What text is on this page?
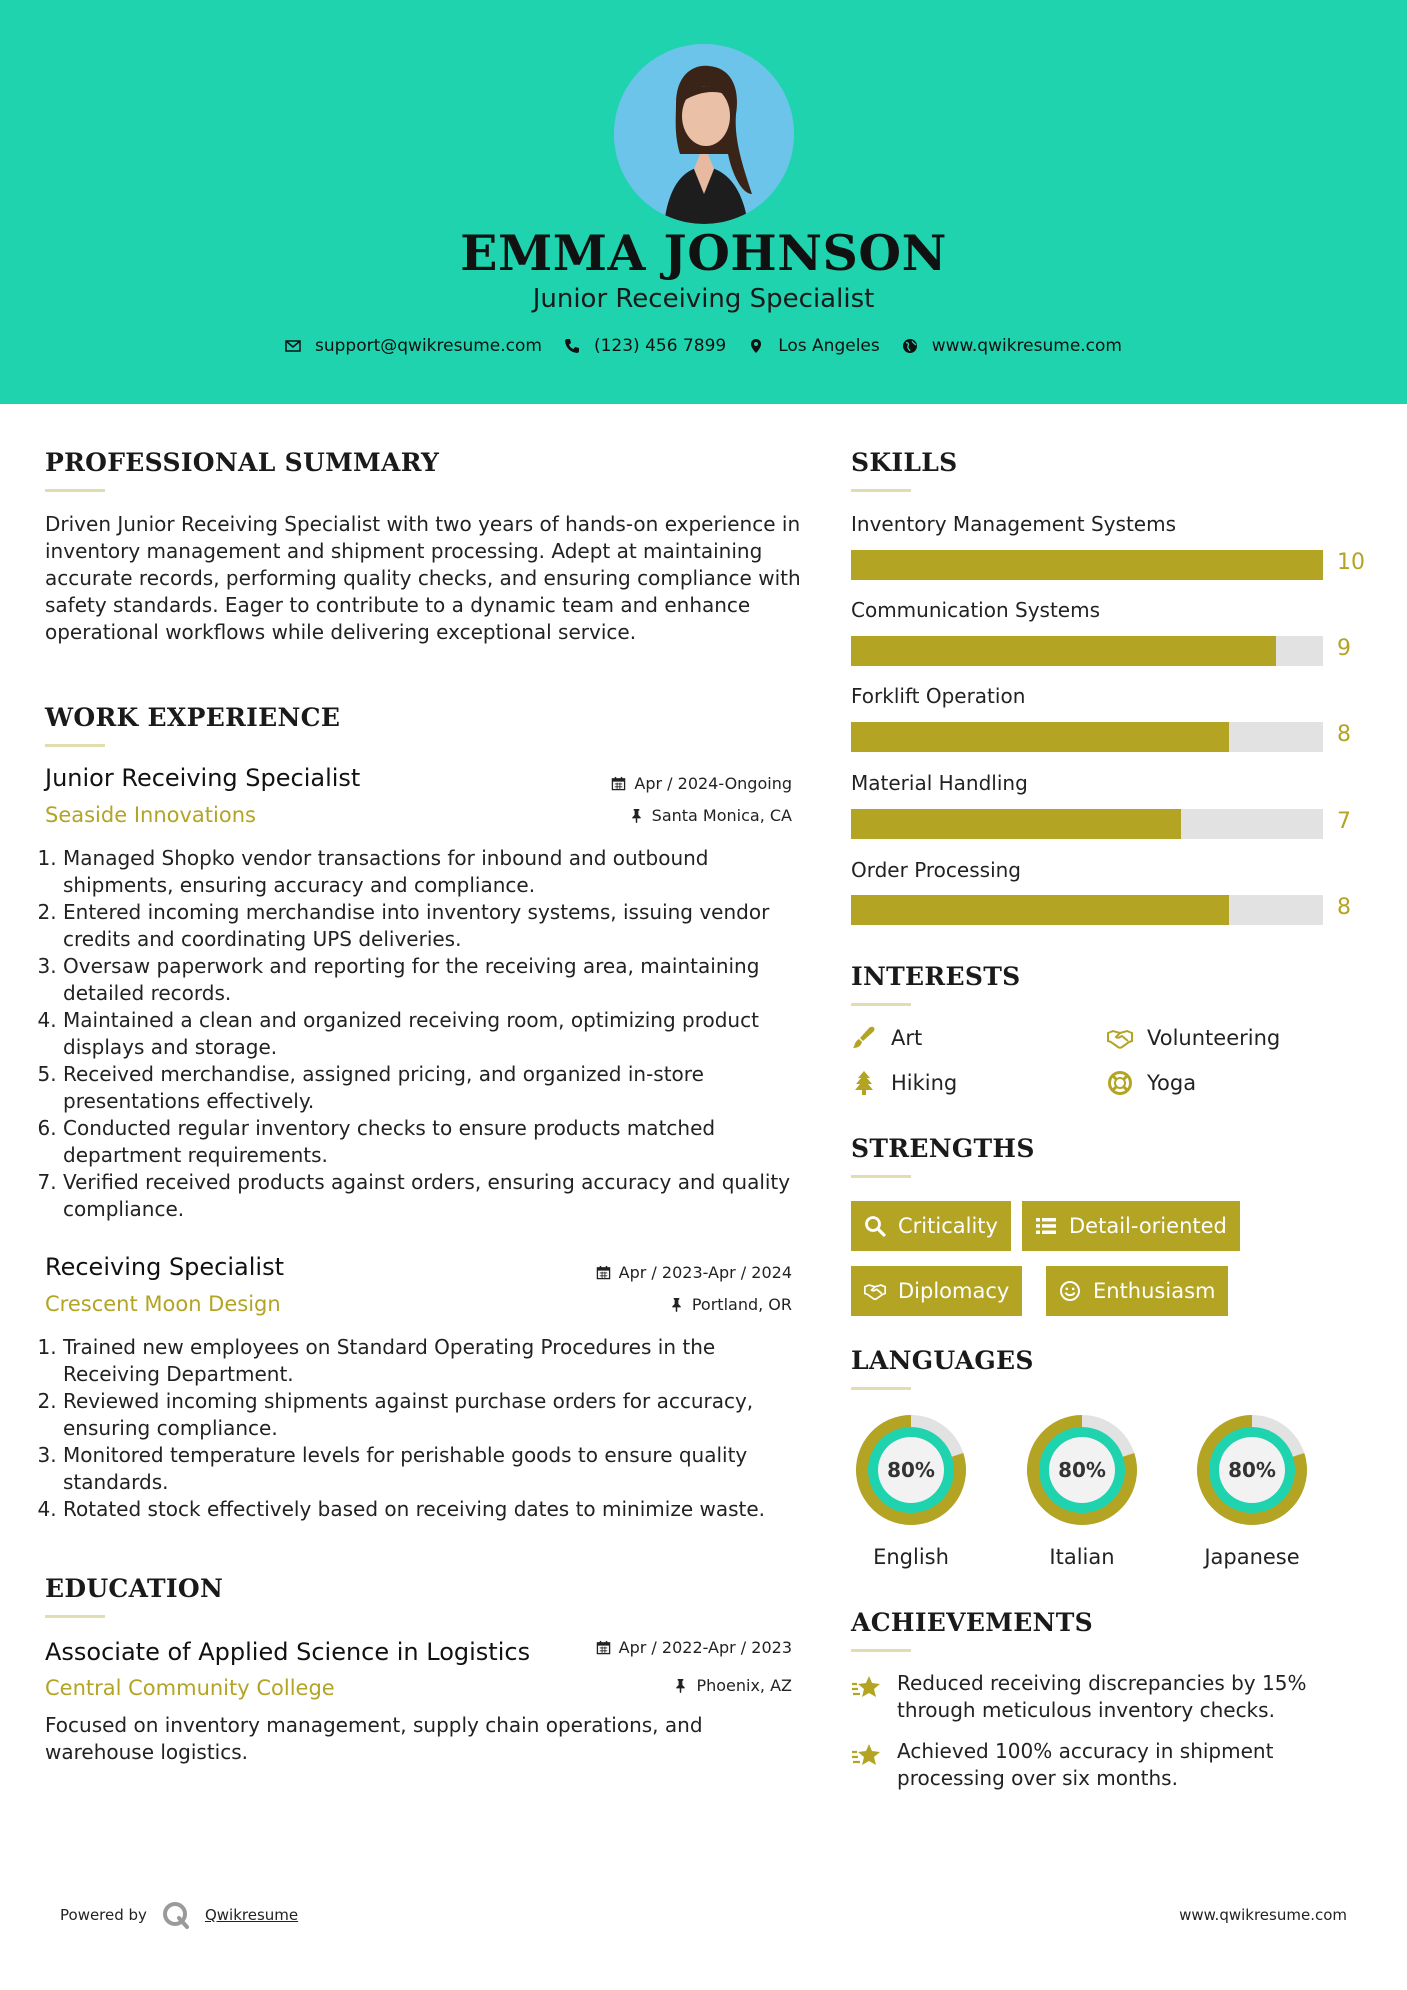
EMMA JOHNSON
Junior Receiving Specialist
support@qwikresume.com	(123) 456 7899	Los Angeles	www.qwikresume.com
PROFESSIONAL SUMMARY
Driven Junior Receiving Specialist with two years of hands-on experience in inventory management and shipment processing. Adept at maintaining accurate records, performing quality checks, and ensuring compliance with safety standards. Eager to contribute to a dynamic team and enhance operational workflows while delivering exceptional service.
WORK EXPERIENCE
Junior Receiving Specialist	Apr / 2024-Ongoing
Seaside Innovations	Santa Monica, CA
1. Managed Shopko vendor transactions for inbound and outbound shipments, ensuring accuracy and compliance.
2. Entered incoming merchandise into inventory systems, issuing vendor credits and coordinating UPS deliveries.
3. Oversaw paperwork and reporting for the receiving area, maintaining detailed records.
4. Maintained a clean and organized receiving room, optimizing product displays and storage.
5. Received merchandise, assigned pricing, and organized in-store presentations effectively.
6. Conducted regular inventory checks to ensure products matched department requirements.
7. Verified received products against orders, ensuring accuracy and quality compliance.
Receiving Specialist	Apr / 2023-Apr / 2024
Crescent Moon Design	Portland, OR
1. Trained new employees on Standard Operating Procedures in the Receiving Department.
2. Reviewed incoming shipments against purchase orders for accuracy, ensuring compliance.
3. Monitored temperature levels for perishable goods to ensure quality standards.
4. Rotated stock effectively based on receiving dates to minimize waste.
EDUCATION
Associate of Applied Science in Logistics	Apr / 2022-Apr / 2023
Central Community College	Phoenix, AZ
Focused on inventory management, supply chain operations, and warehouse logistics.
SKILLS
Inventory Management Systems
10
Communication Systems
9
Forklift Operation
8
Material Handling
7
Order Processing
8
INTERESTS
Art	Volunteering
Hiking	Yoga
STRENGTHS
Criticality	Detail-oriented
Diplomacy	Enthusiasm
LANGUAGES
80%
English
80%
Italian
80%
Japanese
ACHIEVEMENTS
Reduced receiving discrepancies by 15% through meticulous inventory checks.
Achieved 100% accuracy in shipment processing over six months.
Powered by	Qwikresume	www.qwikresume.com
